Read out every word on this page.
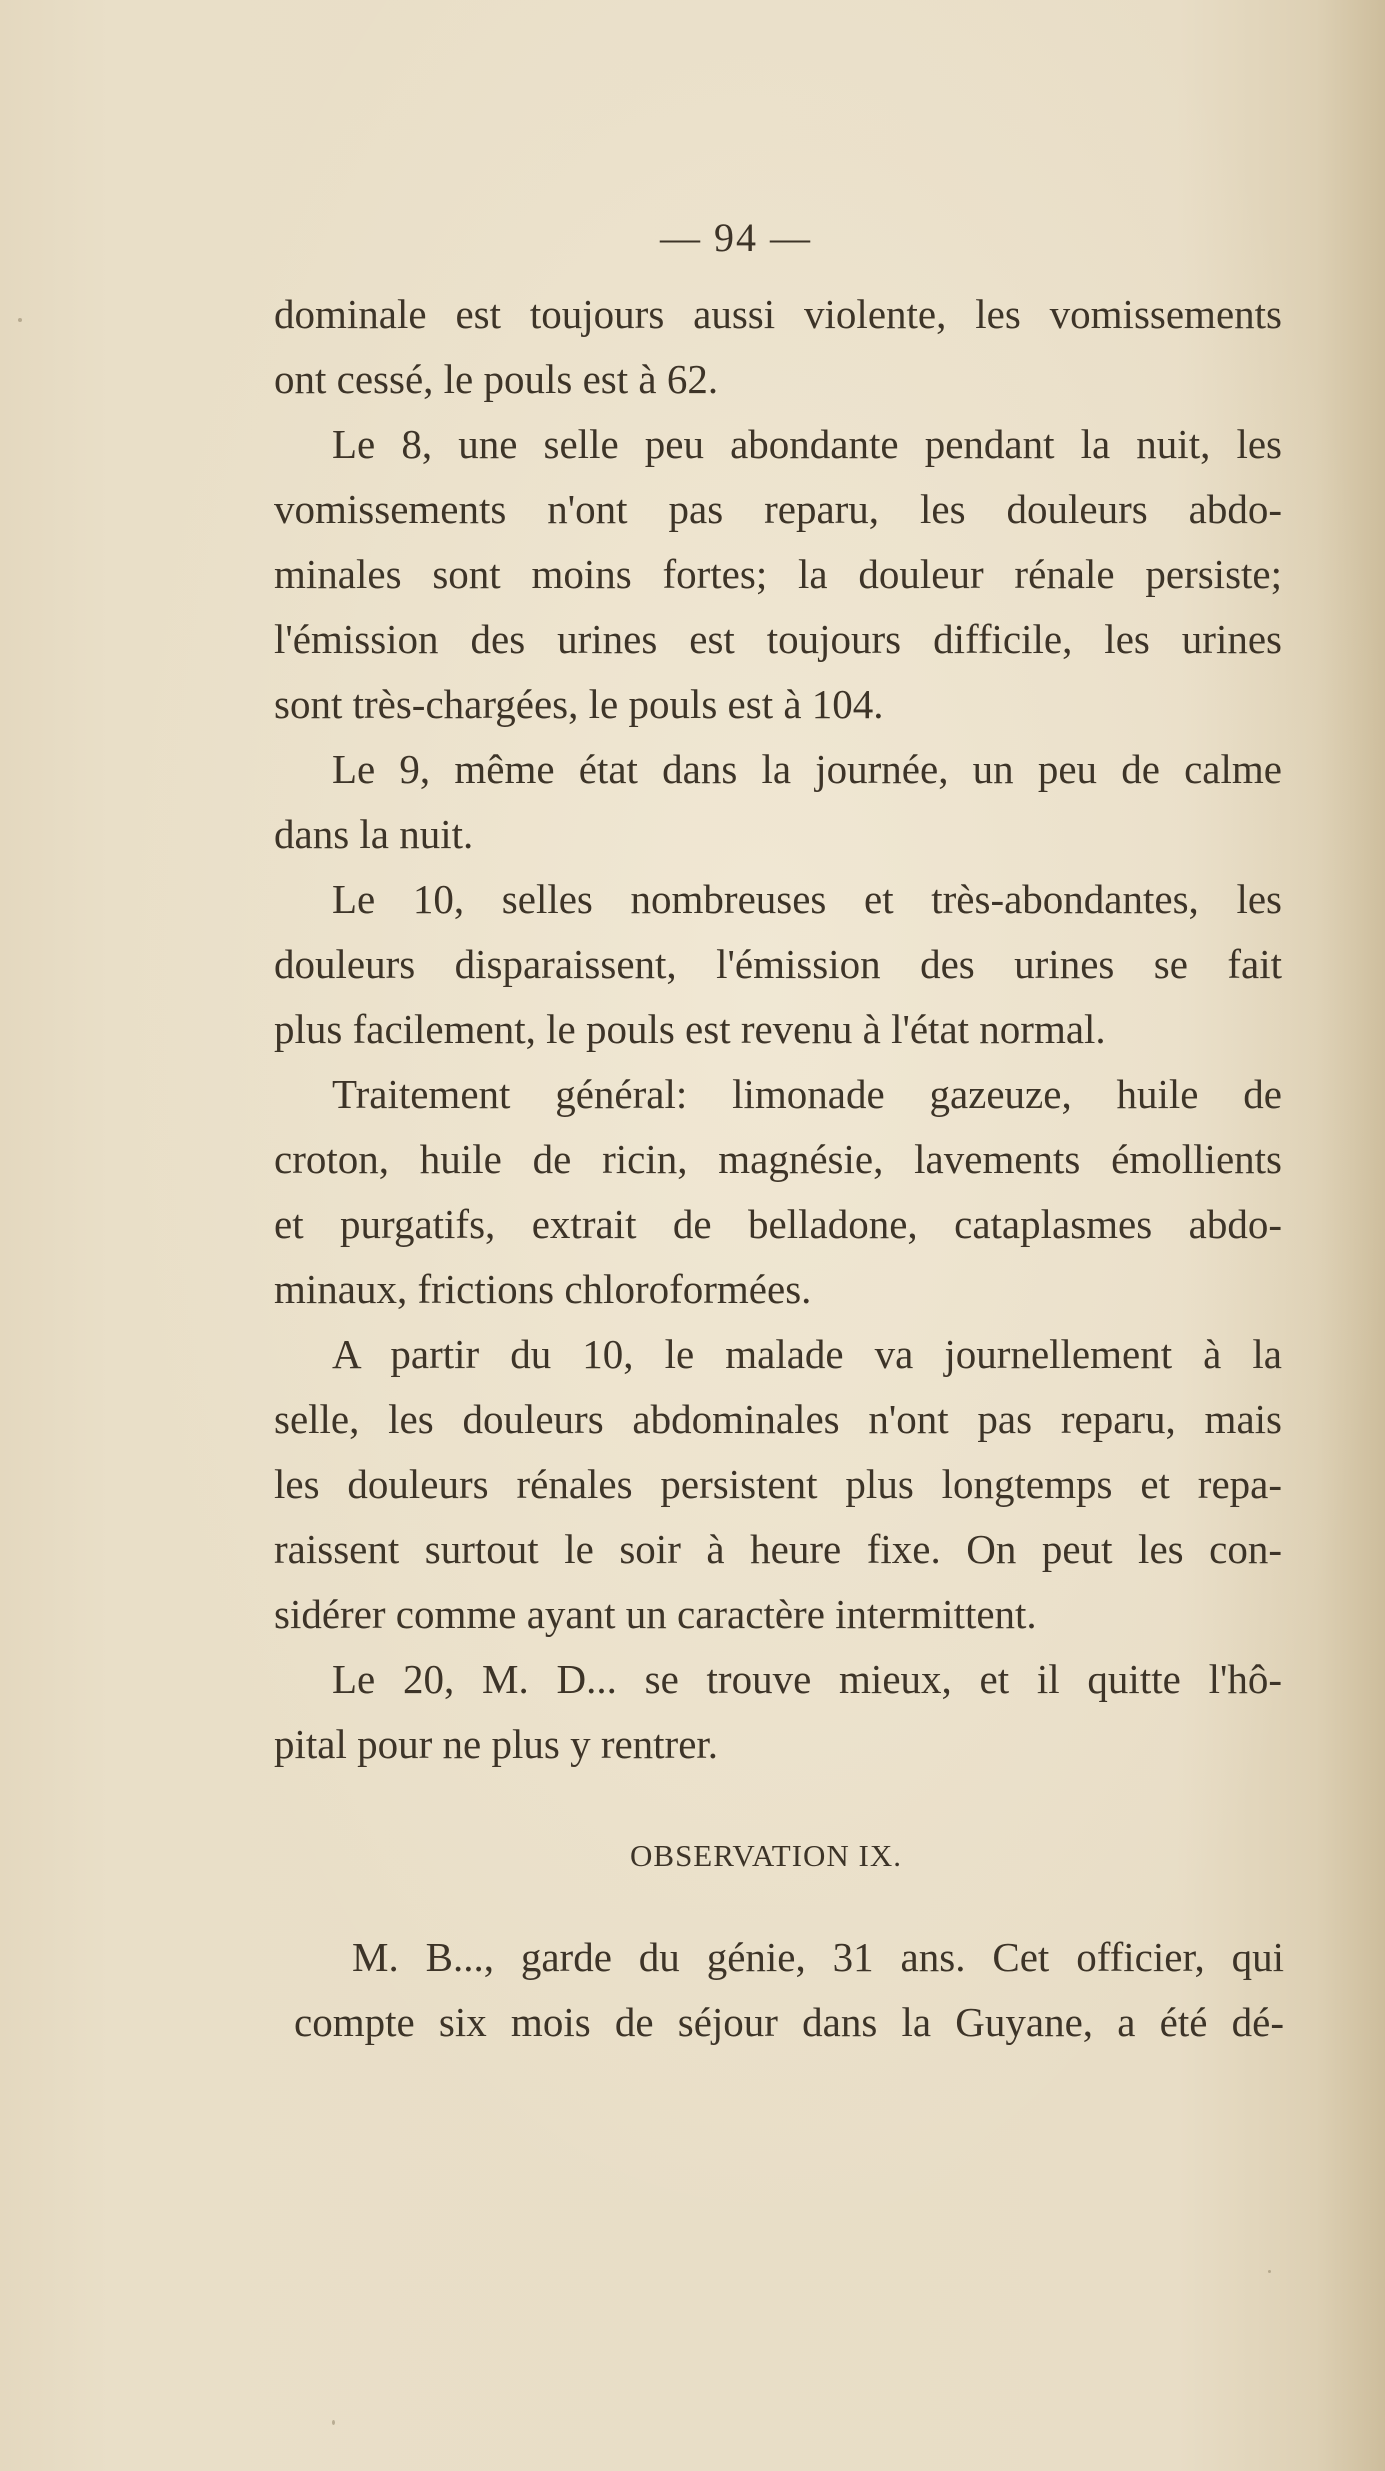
— 94 —
dominale est toujours aussi violente, les vomissements
ont cessé, le pouls est à 62.
Le 8, une selle peu abondante pendant la nuit, les
vomissements n'ont pas reparu, les douleurs abdo-
minales sont moins fortes; la douleur rénale persiste;
l'émission des urines est toujours difficile, les urines
sont très-chargées, le pouls est à 104.
Le 9, même état dans la journée, un peu de calme
dans la nuit.
Le 10, selles nombreuses et très-abondantes, les
douleurs disparaissent, l'émission des urines se fait
plus facilement, le pouls est revenu à l'état normal.
Traitement général: limonade gazeuze, huile de
croton, huile de ricin, magnésie, lavements émollients
et purgatifs, extrait de belladone, cataplasmes abdo-
minaux, frictions chloroformées.
A partir du 10, le malade va journellement à la
selle, les douleurs abdominales n'ont pas reparu, mais
les douleurs rénales persistent plus longtemps et repa-
raissent surtout le soir à heure fixe. On peut les con-
sidérer comme ayant un caractère intermittent.
Le 20, M. D... se trouve mieux, et il quitte l'hô-
pital pour ne plus y rentrer.
OBSERVATION IX.
M. B..., garde du génie, 31 ans. Cet officier, qui
compte six mois de séjour dans la Guyane, a été dé-
